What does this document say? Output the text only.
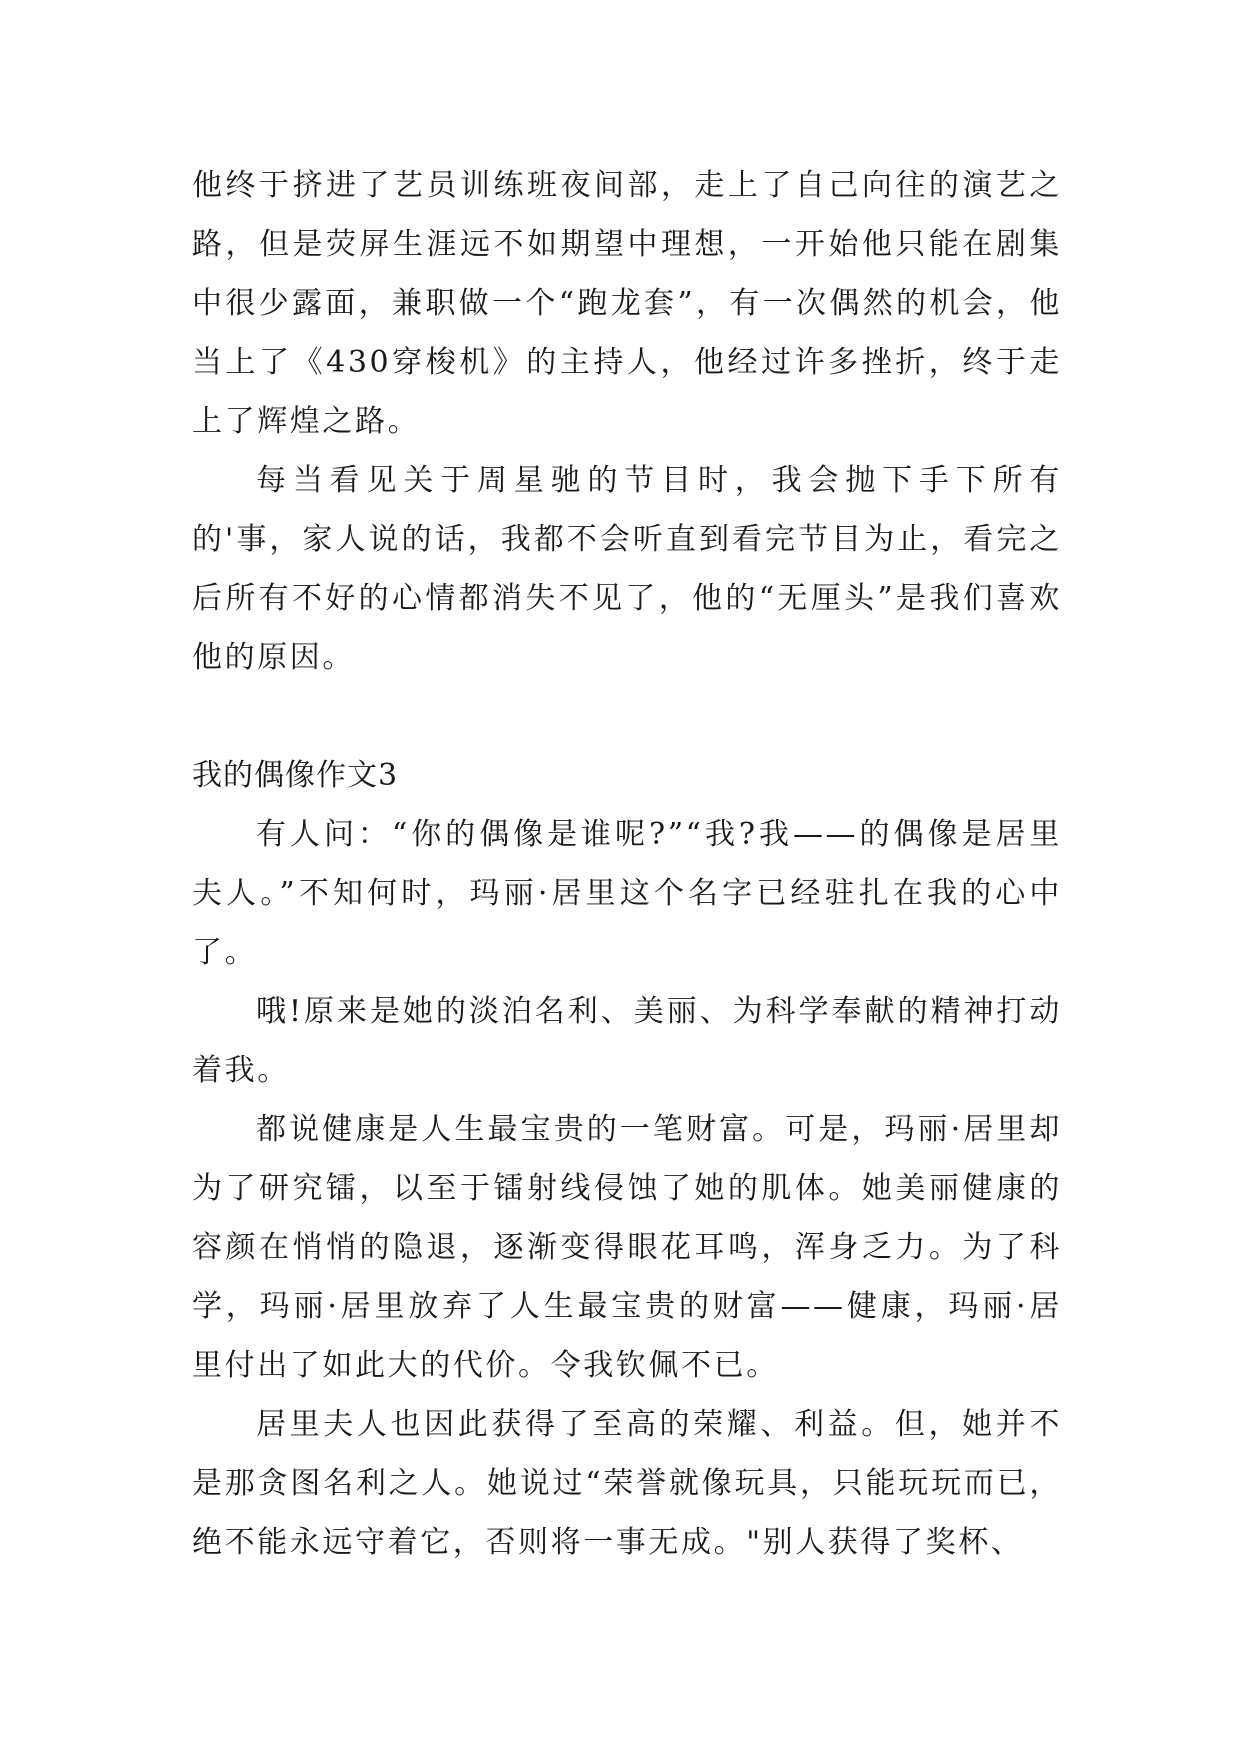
他终于挤进了艺员训练班夜间部，走上了自己向往的演艺之路，但是荧屏生涯远不如期望中理想，一开始他只能在剧集中很少露面，兼职做一个“跑龙套”，有一次偶然的机会，他当上了《430穿梭机》的主持人，他经过许多挫折，终于走上了辉煌之路。

每当看见关于周星驰的节目时，我会抛下手下所有的'事，家人说的话，我都不会听直到看完节目为止，看完之后所有不好的心情都消失不见了，他的“无厘头”是我们喜欢他的原因。

我的偶像作文3

有人问：“你的偶像是谁呢?”“我?我——的偶像是居里夫人。”不知何时，玛丽·居里这个名字已经驻扎在我的心中了。

哦!原来是她的淡泊名利、美丽、为科学奉献的精神打动着我。

都说健康是人生最宝贵的一笔财富。可是，玛丽·居里却为了研究镭，以至于镭射线侵蚀了她的肌体。她美丽健康的容颜在悄悄的隐退，逐渐变得眼花耳鸣，浑身乏力。为了科学，玛丽·居里放弃了人生最宝贵的财富——健康，玛丽·居里付出了如此大的代价。令我钦佩不已。

居里夫人也因此获得了至高的荣耀、利益。但，她并不是那贪图名利之人。她说过“荣誉就像玩具，只能玩玩而已，绝不能永远守着它，否则将一事无成。"别人获得了奖杯、
